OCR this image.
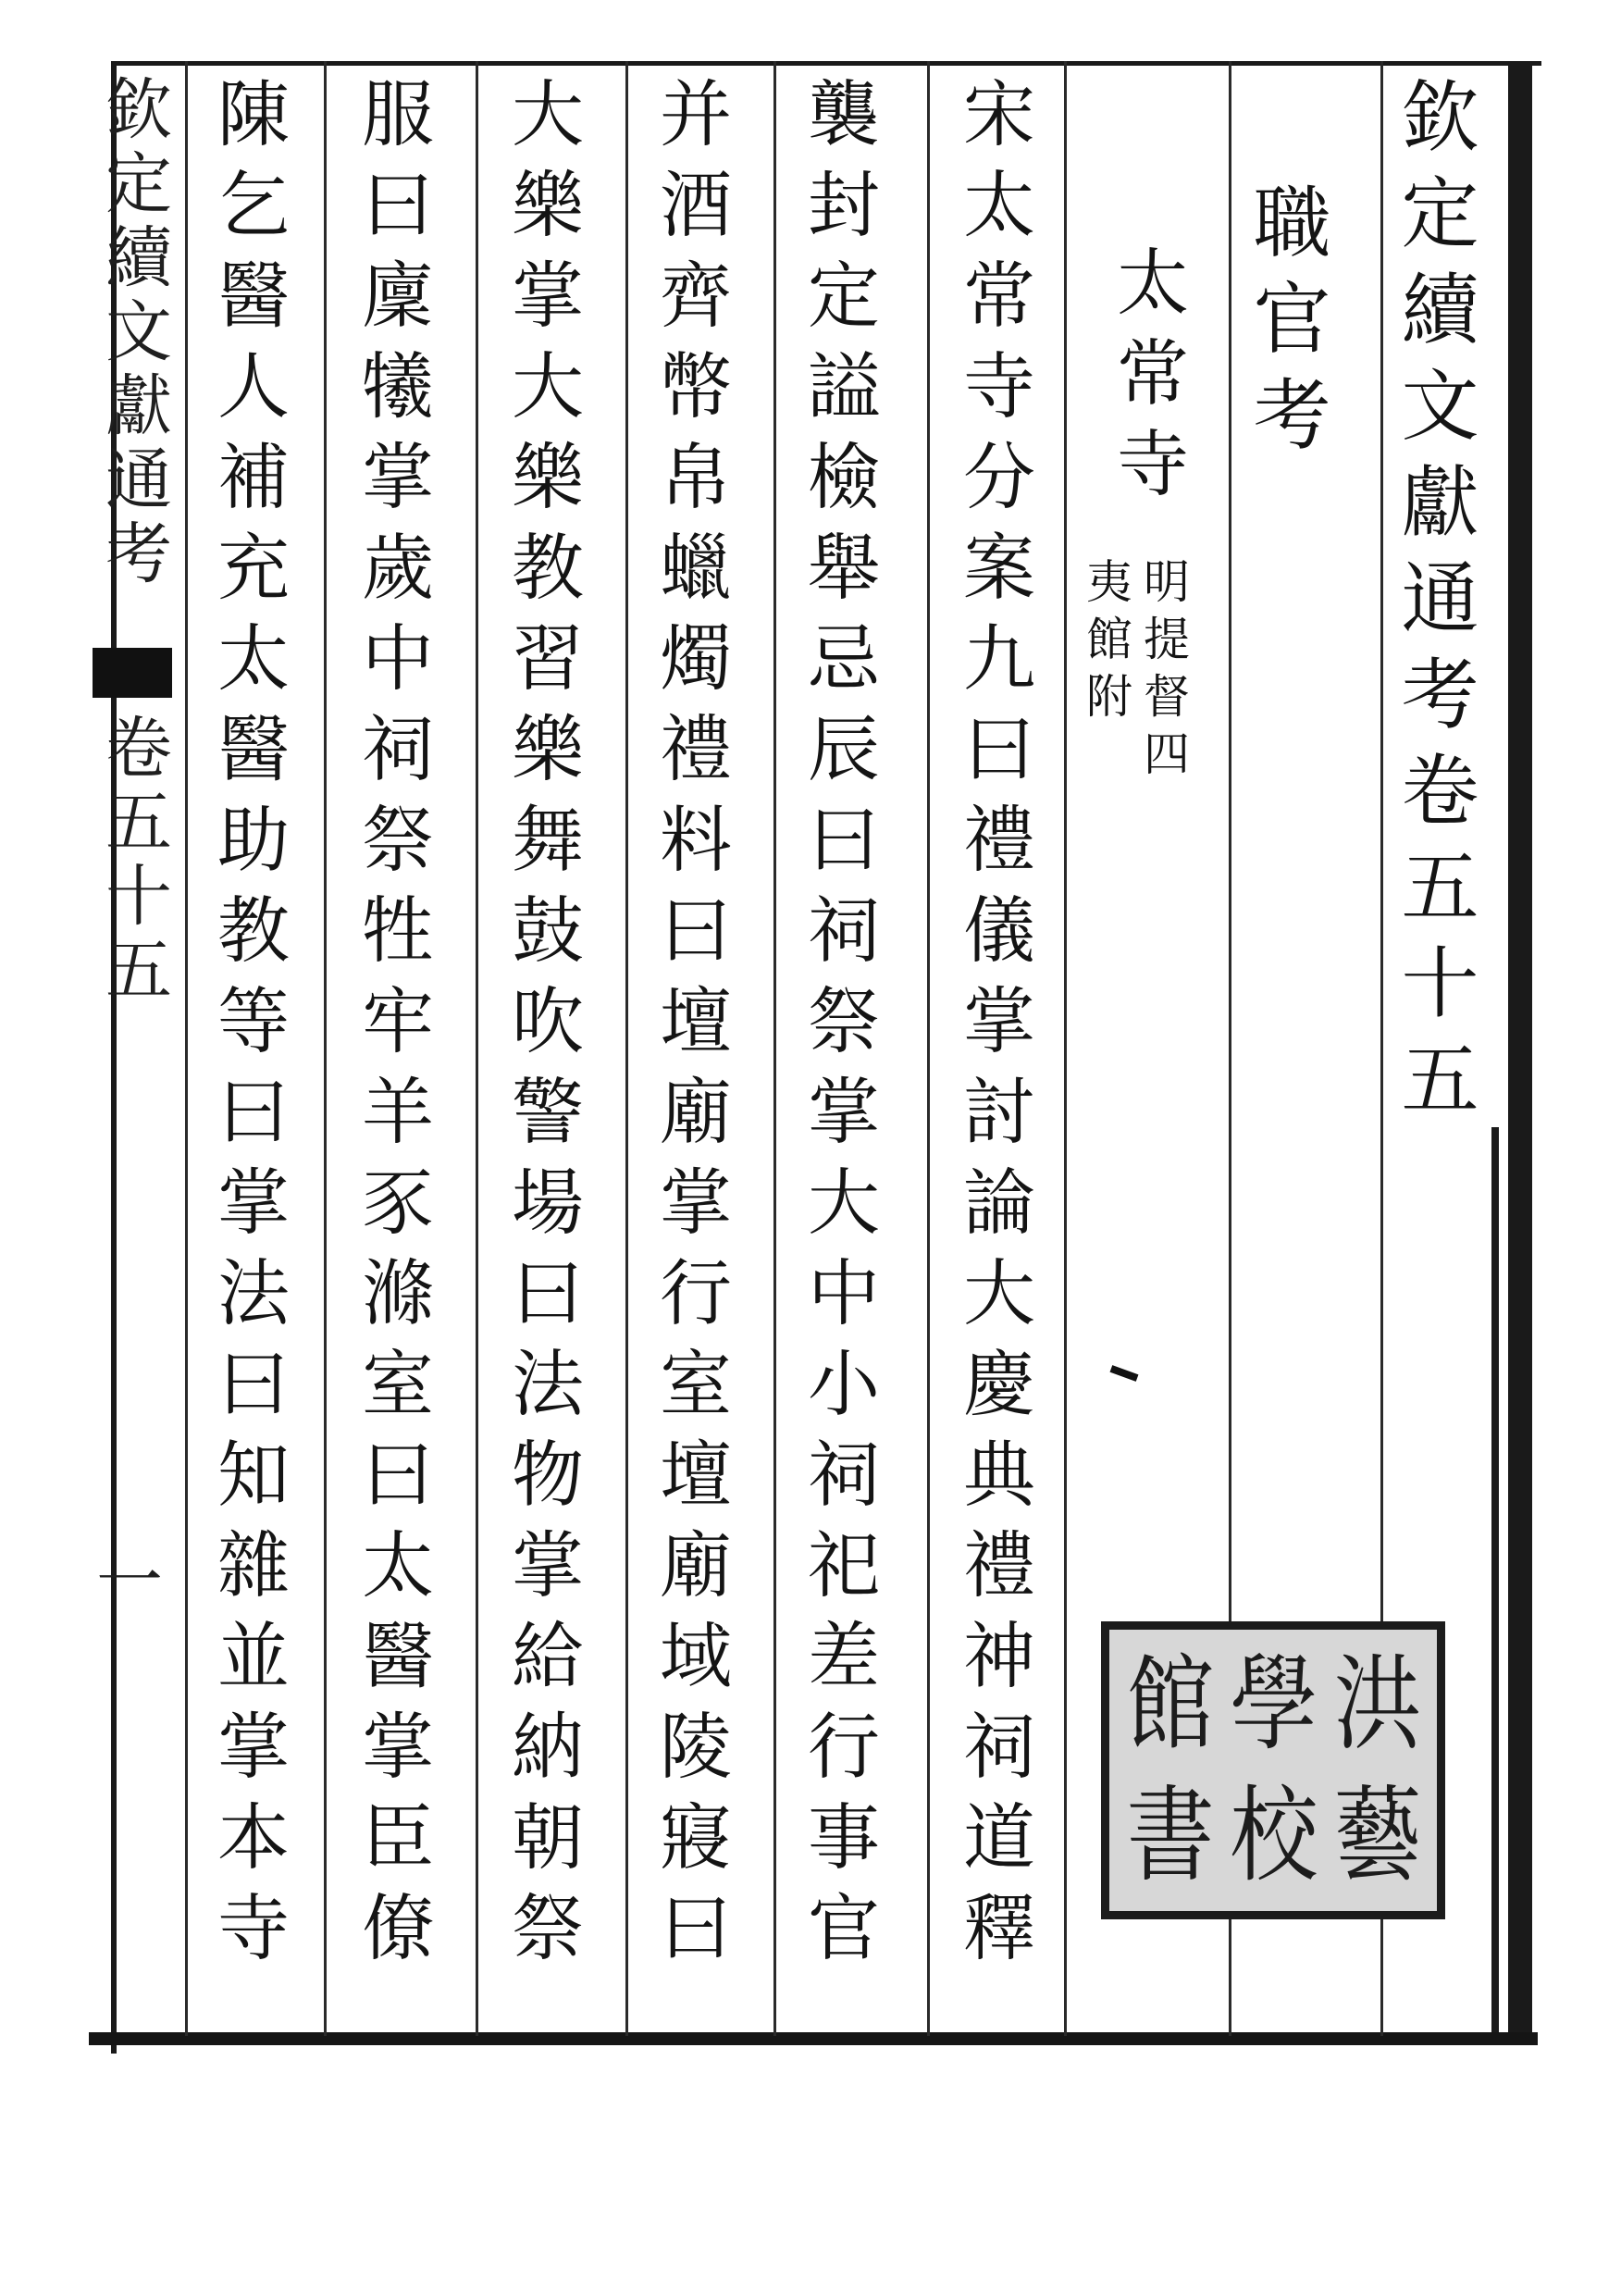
欽定續文獻通考卷五十五
職官考
太常寺
明提督四
夷館附
宋太常寺分案九曰禮儀掌討論大慶典禮神祠道釋
襲封定謚檢舉忌辰曰祠祭掌大中小祠祀差行事官
并酒齊幣帛蠟燭禮料曰壇廟掌行室壇廟域陵寢曰
大樂掌大樂教習樂舞鼓吹警場曰法物掌給納朝祭
服曰廩犧掌歲中祠祭牲牢羊豕滌室曰太醫掌臣僚
陳乞醫人補充太醫助教等曰掌法曰知雜並掌本寺
欽定續文獻通考
卷五十五
一
館 學 洪
書 校 藝
